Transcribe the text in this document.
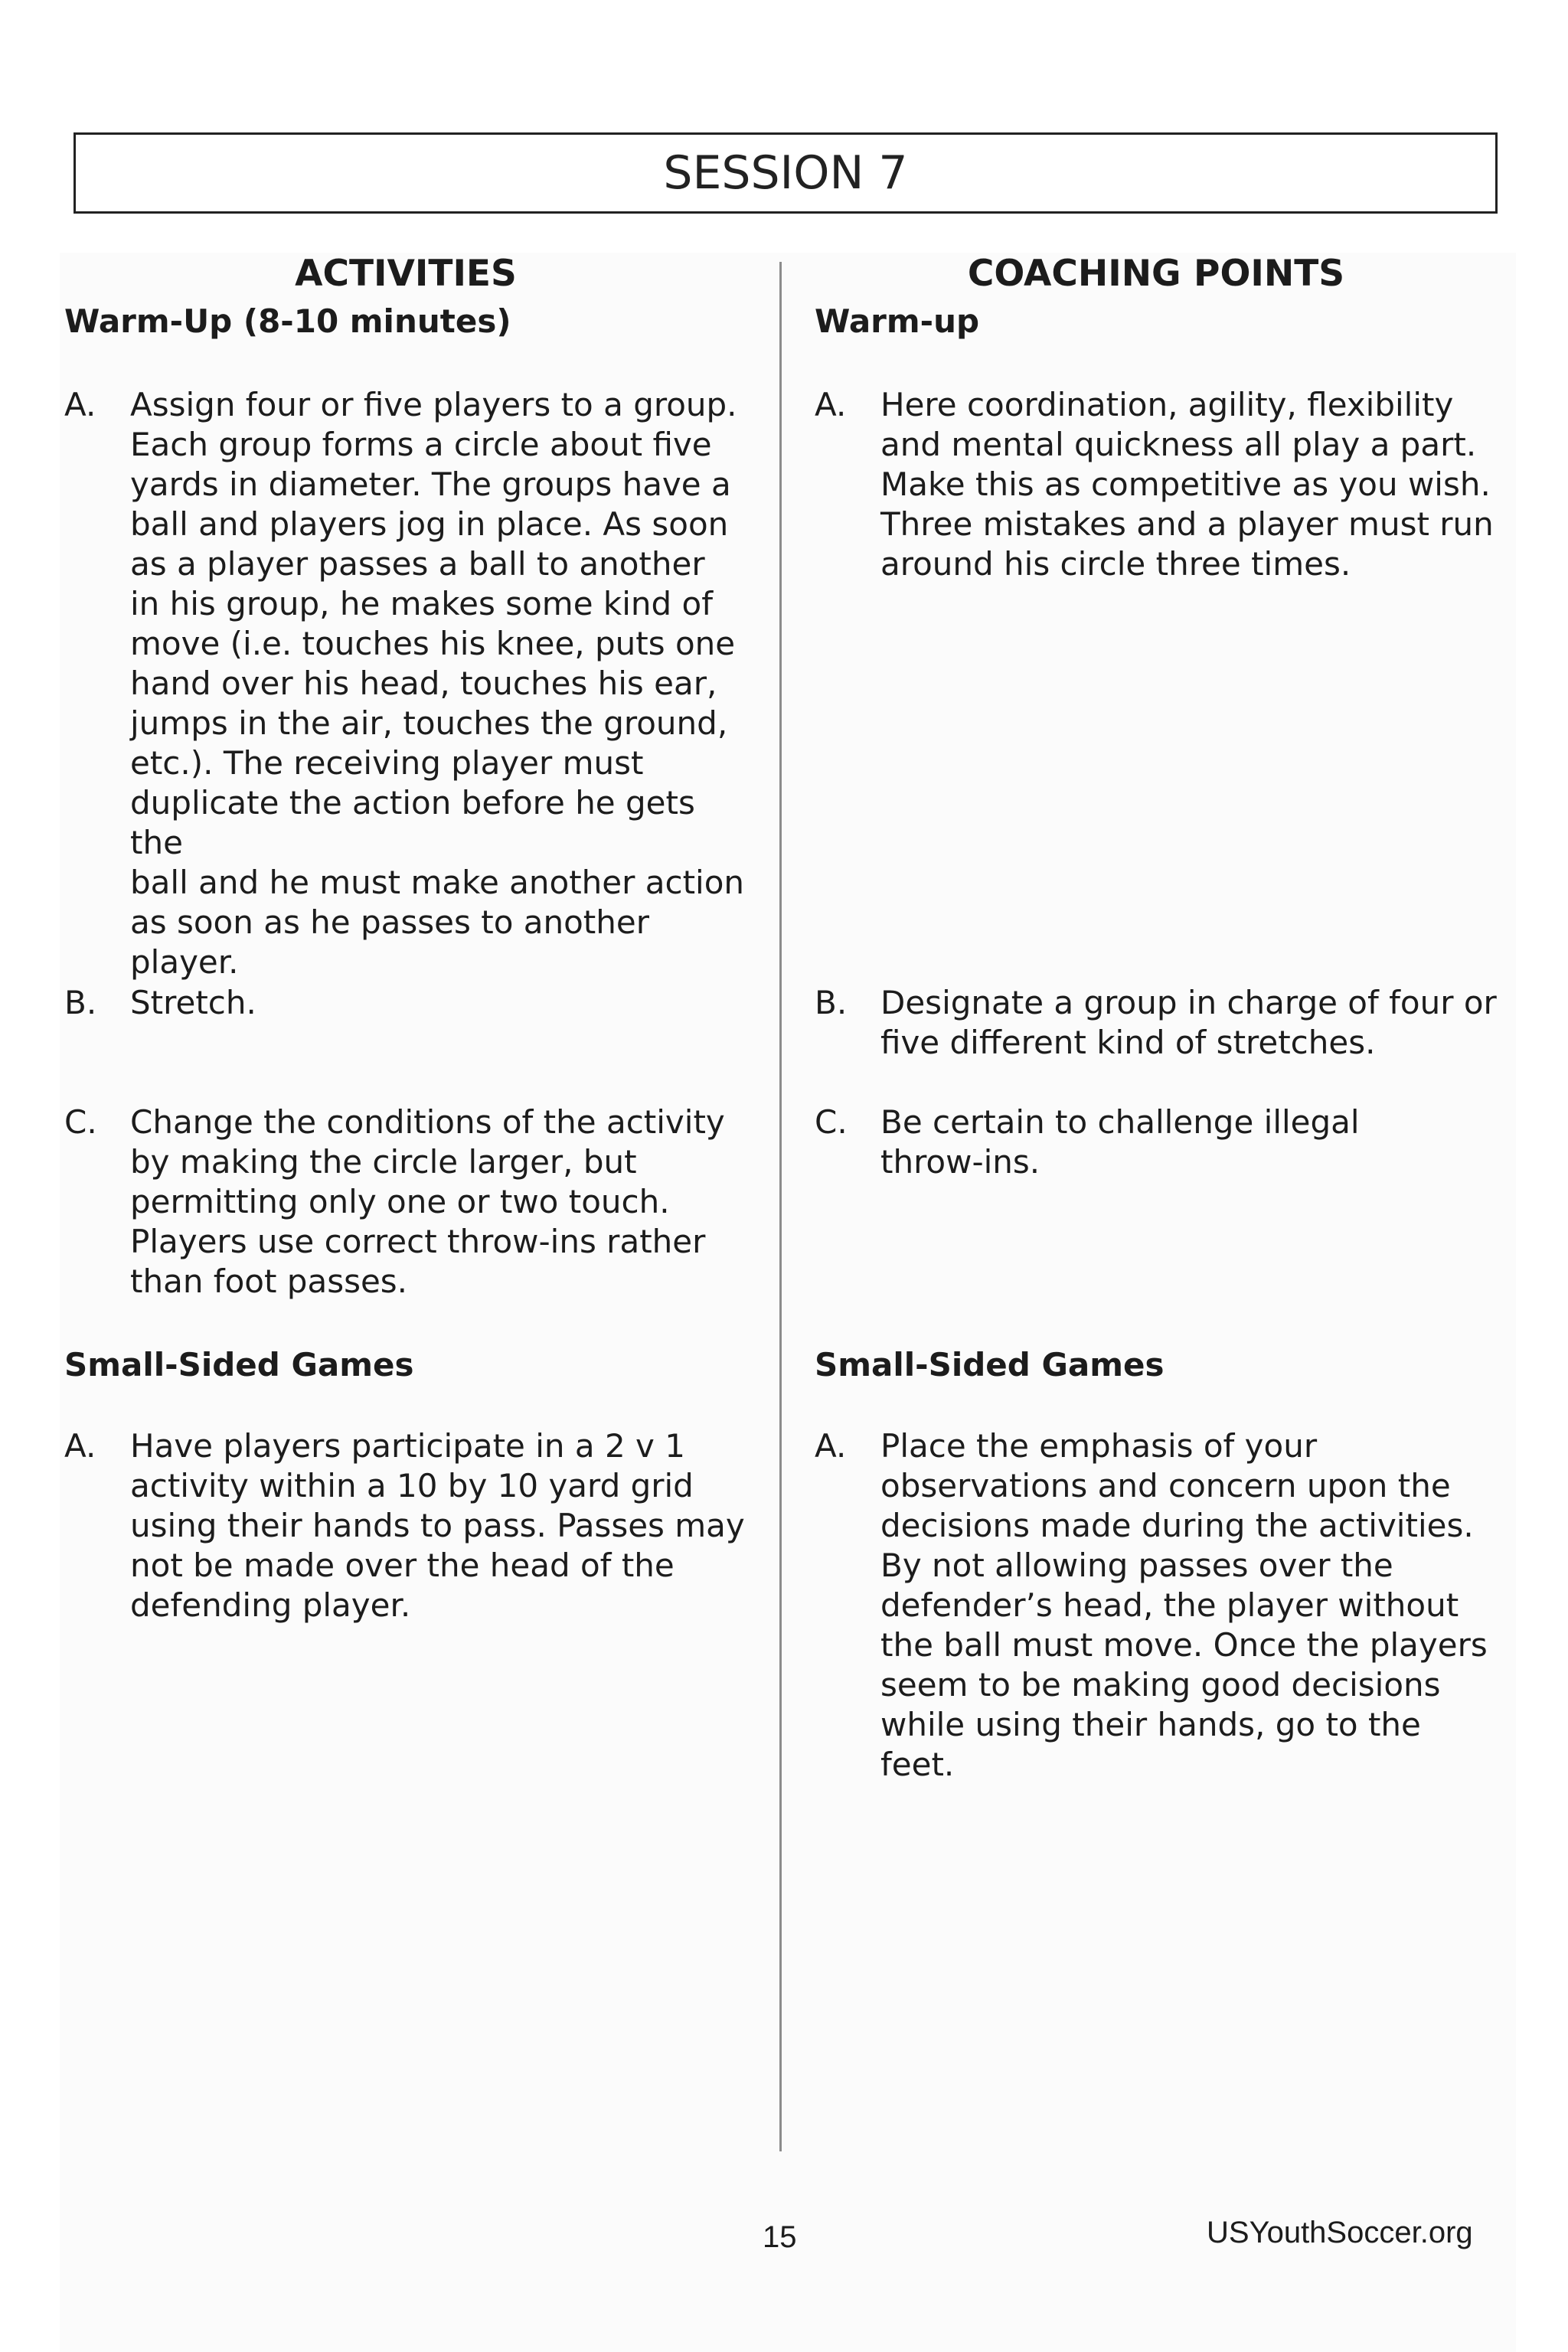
SESSION 7
ACTIVITIES
Warm-Up (8-10 minutes)
A. Assign four or five players to a group.
Each group forms a circle about five
yards in diameter. The groups have a
ball and players jog in place. As soon
as a player passes a ball to another
in his group, he makes some kind of
move (i.e. touches his knee, puts one
hand over his head, touches his ear,
jumps in the air, touches the ground,
etc.). The receiving player must
duplicate the action before he gets the
ball and he must make another action
as soon as he passes to another
player.
B. Stretch.
C. Change the conditions of the activity
by making the circle larger, but
permitting only one or two touch.
Players use correct throw-ins rather
than foot passes.
Small-Sided Games
A. Have players participate in a 2 v 1
activity within a 10 by 10 yard grid
using their hands to pass. Passes may
not be made over the head of the
defending player.
COACHING POINTS
Warm-up
A. Here coordination, agility, flexibility
and mental quickness all play a part.
Make this as competitive as you wish.
Three mistakes and a player must run
around his circle three times.
B. Designate a group in charge of four or
five different kind of stretches.
C. Be certain to challenge illegal
throw-ins.
Small-Sided Games
A. Place the emphasis of your
observations and concern upon the
decisions made during the activities.
By not allowing passes over the
defender’s head, the player without
the ball must move. Once the players
seem to be making good decisions
while using their hands, go to the
feet.
15	USYouthSoccer.org
